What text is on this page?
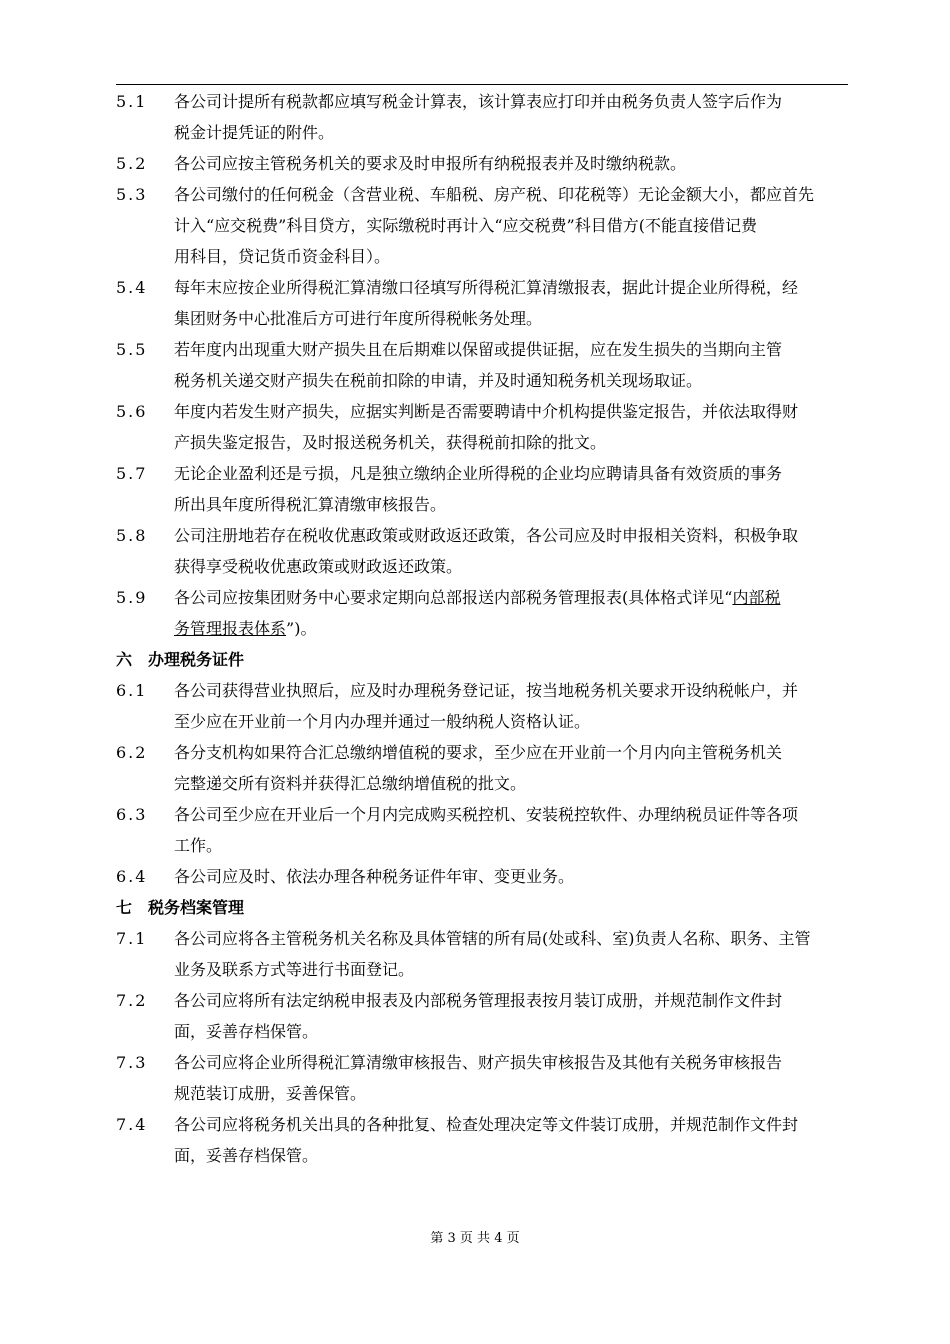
5.1 各公司计提所有税款都应填写税金计算表，该计算表应打印并由税务负责人签字后作为
税金计提凭证的附件。
5.2 各公司应按主管税务机关的要求及时申报所有纳税报表并及时缴纳税款。
5.3 各公司缴付的任何税金（含营业税、车船税、房产税、印花税等）无论金额大小，都应首先
计入“应交税费”科目贷方，实际缴税时再计入“应交税费”科目借方(不能直接借记费
用科目，贷记货币资金科目）。
5.4 每年末应按企业所得税汇算清缴口径填写所得税汇算清缴报表，据此计提企业所得税，经
集团财务中心批准后方可进行年度所得税帐务处理。
5.5 若年度内出现重大财产损失且在后期难以保留或提供证据，应在发生损失的当期向主管
税务机关递交财产损失在税前扣除的申请，并及时通知税务机关现场取证。
5.6 年度内若发生财产损失，应据实判断是否需要聘请中介机构提供鉴定报告，并依法取得财
产损失鉴定报告，及时报送税务机关，获得税前扣除的批文。
5.7 无论企业盈利还是亏损，凡是独立缴纳企业所得税的企业均应聘请具备有效资质的事务
所出具年度所得税汇算清缴审核报告。
5.8 公司注册地若存在税收优惠政策或财政返还政策，各公司应及时申报相关资料，积极争取
获得享受税收优惠政策或财政返还政策。
5.9 各公司应按集团财务中心要求定期向总部报送内部税务管理报表(具体格式详见“内部税
务管理报表体系”)。
六　办理税务证件
6.1 各公司获得营业执照后，应及时办理税务登记证，按当地税务机关要求开设纳税帐户，并
至少应在开业前一个月内办理并通过一般纳税人资格认证。
6.2 各分支机构如果符合汇总缴纳增值税的要求，至少应在开业前一个月内向主管税务机关
完整递交所有资料并获得汇总缴纳增值税的批文。
6.3 各公司至少应在开业后一个月内完成购买税控机、安装税控软件、办理纳税员证件等各项
工作。
6.4 各公司应及时、依法办理各种税务证件年审、变更业务。
七　税务档案管理
7.1 各公司应将各主管税务机关名称及具体管辖的所有局(处或科、室)负责人名称、职务、主管
业务及联系方式等进行书面登记。
7.2 各公司应将所有法定纳税申报表及内部税务管理报表按月装订成册，并规范制作文件封
面，妥善存档保管。
7.3 各公司应将企业所得税汇算清缴审核报告、财产损失审核报告及其他有关税务审核报告
规范装订成册，妥善保管。
7.4 各公司应将税务机关出具的各种批复、检查处理决定等文件装订成册，并规范制作文件封
面，妥善存档保管。
第 3 页 共 4 页
